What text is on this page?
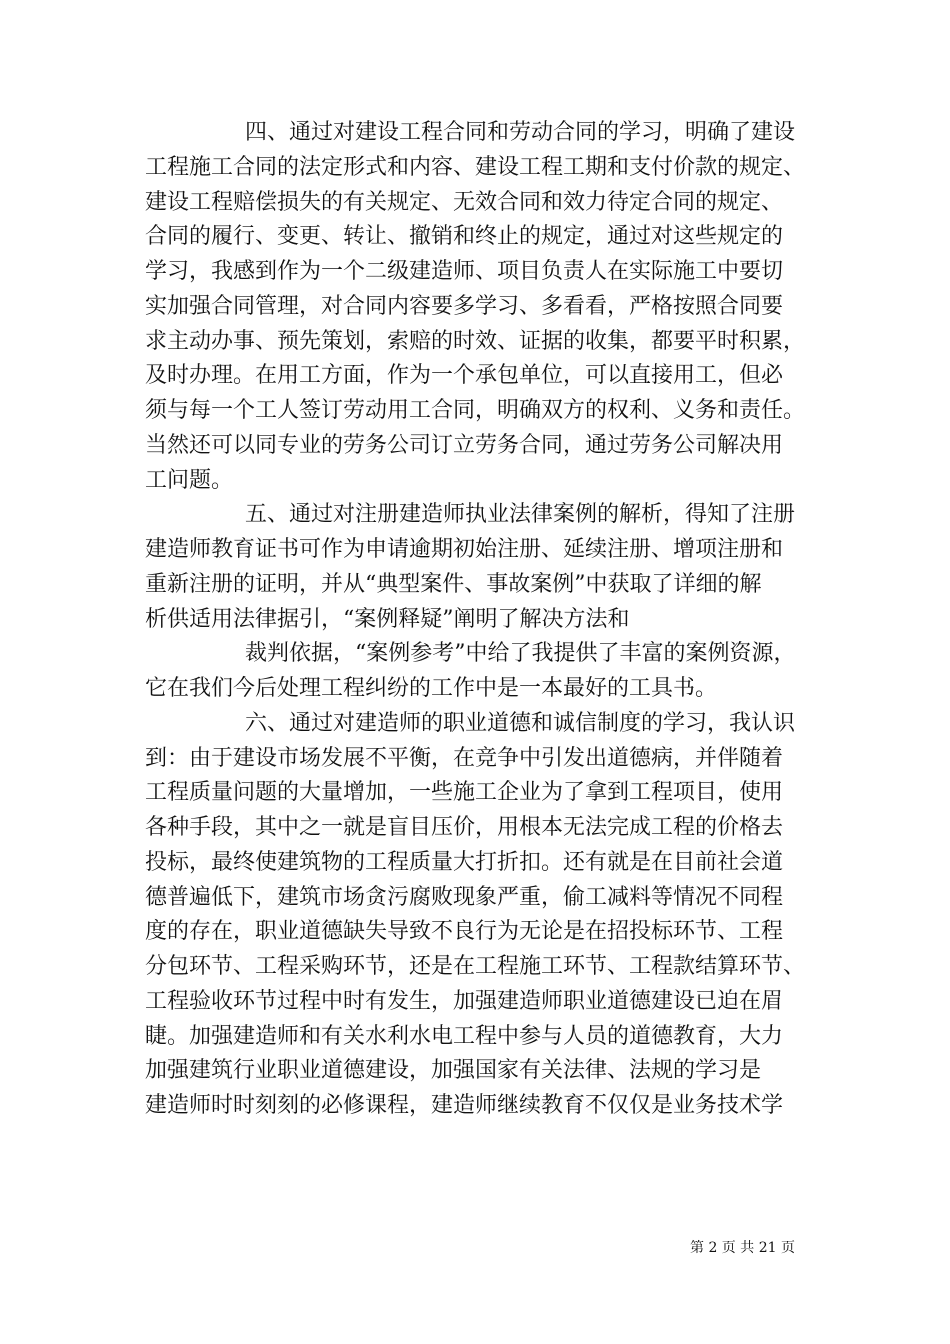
四、通过对建设工程合同和劳动合同的学习，明确了建设
工程施工合同的法定形式和内容、建设工程工期和支付价款的规定、
建设工程赔偿损失的有关规定、无效合同和效力待定合同的规定、
合同的履行、变更、转让、撤销和终止的规定，通过对这些规定的
学习，我感到作为一个二级建造师、项目负责人在实际施工中要切
实加强合同管理，对合同内容要多学习、多看看，严格按照合同要
求主动办事、预先策划，索赔的时效、证据的收集，都要平时积累，
及时办理。在用工方面，作为一个承包单位，可以直接用工，但必
须与每一个工人签订劳动用工合同，明确双方的权利、义务和责任。
当然还可以同专业的劳务公司订立劳务合同，通过劳务公司解决用
工问题。
五、通过对注册建造师执业法律案例的解析，得知了注册
建造师教育证书可作为申请逾期初始注册、延续注册、增项注册和
重新注册的证明，并从“典型案件、事故案例”中获取了详细的解
析供适用法律据引，“案例释疑”阐明了解决方法和
裁判依据，“案例参考”中给了我提供了丰富的案例资源，
它在我们今后处理工程纠纷的工作中是一本最好的工具书。
六、通过对建造师的职业道德和诚信制度的学习，我认识
到：由于建设市场发展不平衡，在竞争中引发出道德病，并伴随着
工程质量问题的大量增加，一些施工企业为了拿到工程项目，使用
各种手段，其中之一就是盲目压价，用根本无法完成工程的价格去
投标，最终使建筑物的工程质量大打折扣。还有就是在目前社会道
德普遍低下，建筑市场贪污腐败现象严重，偷工减料等情况不同程
度的存在，职业道德缺失导致不良行为无论是在招投标环节、工程
分包环节、工程采购环节，还是在工程施工环节、工程款结算环节、
工程验收环节过程中时有发生，加强建造师职业道德建设已迫在眉
睫。加强建造师和有关水利水电工程中参与人员的道德教育，大力
加强建筑行业职业道德建设，加强国家有关法律、法规的学习是
建造师时时刻刻的必修课程，建造师继续教育不仅仅是业务技术学
第 2 页 共 21 页
